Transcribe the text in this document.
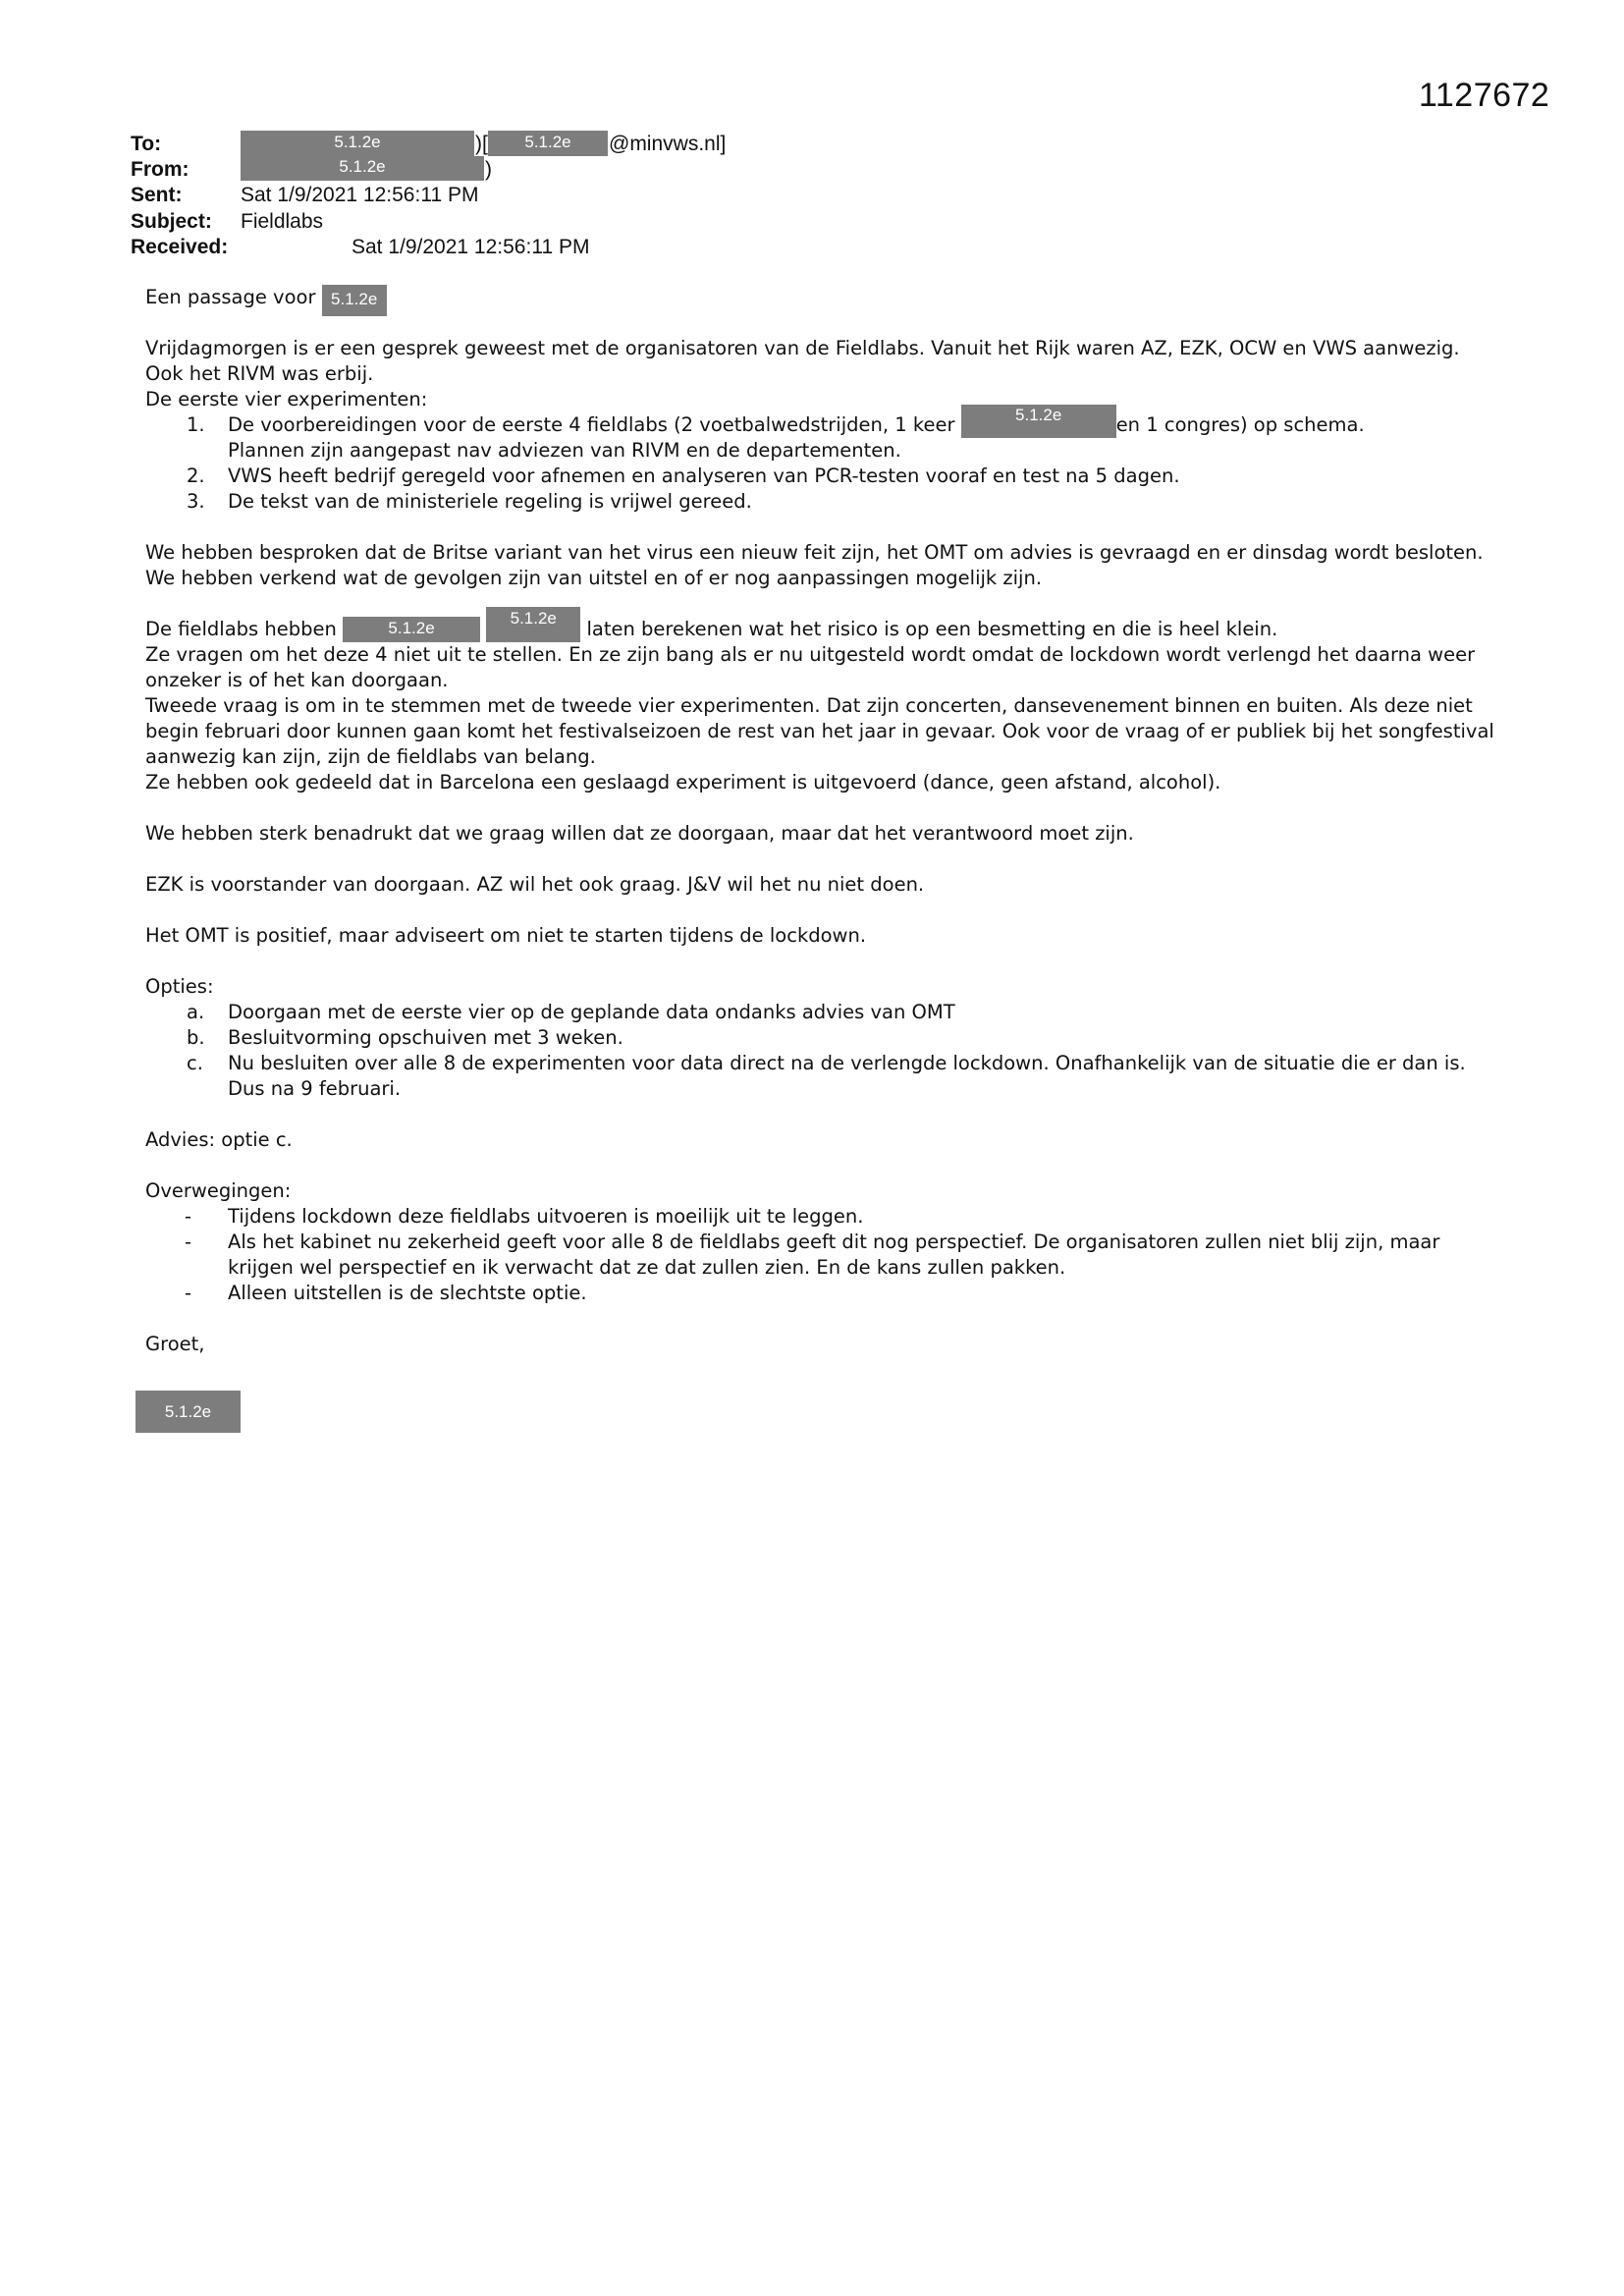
1127672
To:	5.1.2e	)[	5.1.2e	@minvws.nl]
From:	5.1.2e	)
Sent:	Sat 1/9/2021 12:56:11 PM
Subject: Fieldlabs
Received:	Sat 1/9/2021 12:56:11 PM

Een passage voor 5.1.2e

Vrijdagmorgen is er een gesprek geweest met de organisatoren van de Fieldlabs. Vanuit het Rijk waren AZ, EZK, OCW en VWS aanwezig. Ook het RIVM was erbij.

De eerste vier experimenten:

1. De voorbereidingen voor de eerste 4 fieldlabs (2 voetbalwedstrijden, 1 keer	5.1.2e	en 1 congres) op schema.
Plannen zijn aangepast nav adviezen van RIVM en de departementen.
2. VWS heeft bedrijf geregeld voor afnemen en analyseren van PCR-testen vooraf en test na 5 dagen.
3. De tekst van de ministeriele regeling is vrijwel gereed.

We hebben besproken dat de Britse variant van het virus een nieuw feit zijn, het OMT om advies is gevraagd en er dinsdag wordt besloten.

We hebben verkend wat de gevolgen zijn van uitstel en of er nog aanpassingen mogelijk zijn.

De fieldlabs hebben	5.1.2e 5.1.2e laten berekenen wat het risico is op een besmetting en die is heel klein.

Ze vragen om het deze 4 niet uit te stellen. En ze zijn bang als er nu uitgesteld wordt omdat de lockdown wordt verlengd het daarna weer onzeker is of het kan doorgaan.

Tweede vraag is om in te stemmen met de tweede vier experimenten. Dat zijn concerten, dansevenement binnen en buiten. Als deze niet begin februari door kunnen gaan komt het festivalseizoen de rest van het jaar in gevaar. Ook voor de vraag of er publiek bij het songfestival aanwezig kan zijn, zijn de fieldlabs van belang.

Ze hebben ook gedeeld dat in Barcelona een geslaagd experiment is uitgevoerd (dance, geen afstand, alcohol).

We hebben sterk benadrukt dat we graag willen dat ze doorgaan, maar dat het verantwoord moet zijn.

EZK is voorstander van doorgaan. AZ wil het ook graag. J&V wil het nu niet doen.

Het OMT is positief, maar adviseert om niet te starten tijdens de lockdown.

Opties:

a. Doorgaan met de eerste vier op de geplande data ondanks advies van OMT
b. Besluitvorming opschuiven met 3 weken.
c. Nu besluiten over alle 8 de experimenten voor data direct na de verlengde lockdown. Onafhankelijk van de situatie die er dan is. Dus na 9 februari.

Advies: optie c.

Overwegingen:

- Tijdens lockdown deze fieldlabs uitvoeren is moeilijk uit te leggen.
- Als het kabinet nu zekerheid geeft voor alle 8 de fieldlabs geeft dit nog perspectief. De organisatoren zullen niet blij zijn, maar krijgen wel perspectief en ik verwacht dat ze dat zullen zien. En de kans zullen pakken.
- Alleen uitstellen is de slechtste optie.

Groet,

5.1.2e
